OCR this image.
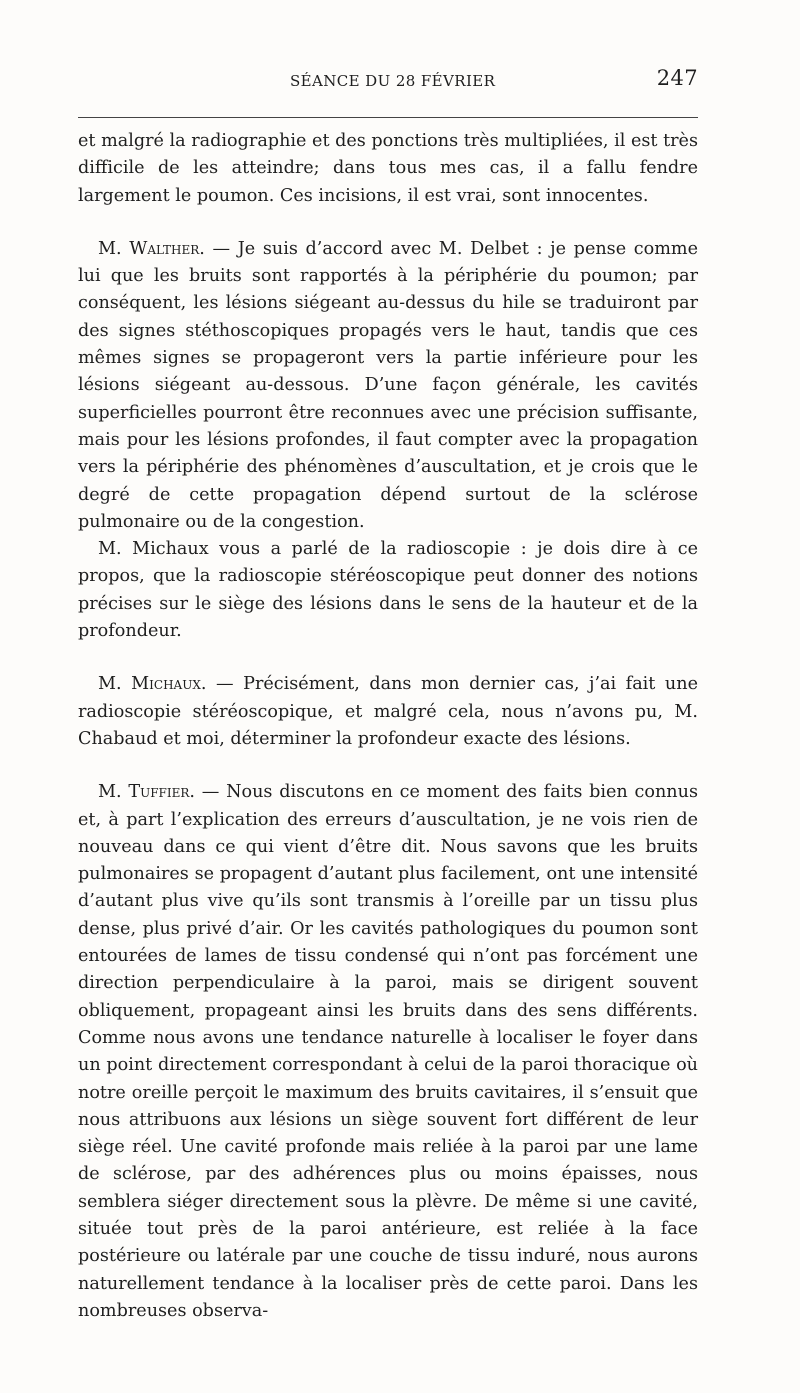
SÉANCE DU 28 FÉVRIER	247

et malgré la radiographie et des ponctions très multipliées, il est très difficile de les atteindre; dans tous mes cas, il a fallu fendre largement le poumon. Ces incisions, il est vrai, sont innocentes.

M. Walther. — Je suis d’accord avec M. Delbet : je pense comme lui que les bruits sont rapportés à la périphérie du poumon; par conséquent, les lésions siégeant au-dessus du hile se traduiront par des signes stéthoscopiques propagés vers le haut, tandis que ces mêmes signes se propageront vers la partie inférieure pour les lésions siégeant au-dessous. D’une façon générale, les cavités superficielles pourront être reconnues avec une précision suffisante, mais pour les lésions profondes, il faut compter avec la propagation vers la périphérie des phénomènes d’auscultation, et je crois que le degré de cette propagation dépend surtout de la sclérose pulmonaire ou de la congestion.

M. Michaux vous a parlé de la radioscopie : je dois dire à ce propos, que la radioscopie stéréoscopique peut donner des notions précises sur le siège des lésions dans le sens de la hauteur et de la profondeur.

M. Michaux. — Précisément, dans mon dernier cas, j’ai fait une radioscopie stéréoscopique, et malgré cela, nous n’avons pu, M. Chabaud et moi, déterminer la profondeur exacte des lésions.

M. Tuffier. — Nous discutons en ce moment des faits bien connus et, à part l’explication des erreurs d’auscultation, je ne vois rien de nouveau dans ce qui vient d’être dit. Nous savons que les bruits pulmonaires se propagent d’autant plus facilement, ont une intensité d’autant plus vive qu’ils sont transmis à l’oreille par un tissu plus dense, plus privé d’air. Or les cavités pathologiques du poumon sont entourées de lames de tissu condensé qui n’ont pas forcément une direction perpendiculaire à la paroi, mais se dirigent souvent obliquement, propageant ainsi les bruits dans des sens différents. Comme nous avons une tendance naturelle à localiser le foyer dans un point directement correspondant à celui de la paroi thoracique où notre oreille perçoit le maximum des bruits cavitaires, il s’ensuit que nous attribuons aux lésions un siège souvent fort différent de leur siège réel. Une cavité profonde mais reliée à la paroi par une lame de sclérose, par des adhérences plus ou moins épaisses, nous semblera siéger directement sous la plèvre. De même si une cavité, située tout près de la paroi antérieure, est reliée à la face postérieure ou latérale par une couche de tissu induré, nous aurons naturellement tendance à la localiser près de cette paroi. Dans les nombreuses observa-
